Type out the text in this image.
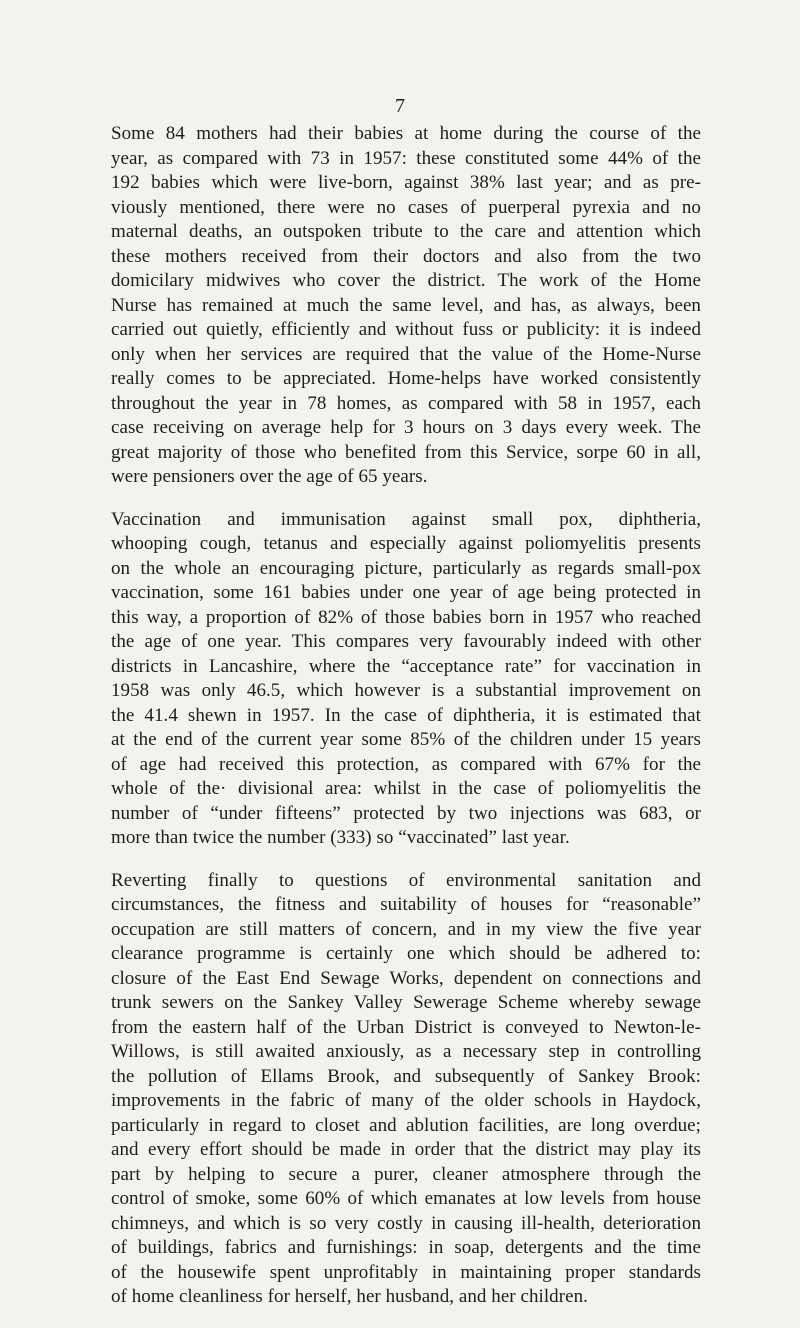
7

Some 84 mothers had their babies at home during the course of the
year, as compared with 73 in 1957: these constituted some 44% of the
192 babies which were live-born, against 38% last year; and as pre-
viously mentioned, there were no cases of puerperal pyrexia and no
maternal deaths, an outspoken tribute to the care and attention which
these mothers received from their doctors and also from the two
domicilary midwives who cover the district. The work of the Home
Nurse has remained at much the same level, and has, as always, been
carried out quietly, efficiently and without fuss or publicity: it is indeed
only when her services are required that the value of the Home-Nurse
really comes to be appreciated. Home-helps have worked consistently
throughout the year in 78 homes, as compared with 58 in 1957, each
case receiving on average help for 3 hours on 3 days every week. The
great majority of those who benefited from this Service, sorpe 60 in all,
were pensioners over the age of 65 years.

Vaccination and immunisation against small pox, diphtheria,
whooping cough, tetanus and especially against poliomyelitis presents
on the whole an encouraging picture, particularly as regards small-pox
vaccination, some 161 babies under one year of age being protected in
this way, a proportion of 82% of those babies born in 1957 who reached
the age of one year. This compares very favourably indeed with other
districts in Lancashire, where the “acceptance rate” for vaccination in
1958 was only 46.5, which however is a substantial improvement on
the 41.4 shewn in 1957. In the case of diphtheria, it is estimated that
at the end of the current year some 85% of the children under 15 years
of age had received this protection, as compared with 67% for the
whole of the· divisional area: whilst in the case of poliomyelitis the
number of “under fifteens” protected by two injections was 683, or
more than twice the number (333) so “vaccinated” last year.

Reverting finally to questions of environmental sanitation and
circumstances, the fitness and suitability of houses for “reasonable”
occupation are still matters of concern, and in my view the five year
clearance programme is certainly one which should be adhered to:
closure of the East End Sewage Works, dependent on connections and
trunk sewers on the Sankey Valley Sewerage Scheme whereby sewage
from the eastern half of the Urban District is conveyed to Newton-le-
Willows, is still awaited anxiously, as a necessary step in controlling
the pollution of Ellams Brook, and subsequently of Sankey Brook:
improvements in the fabric of many of the older schools in Haydock,
particularly in regard to closet and ablution facilities, are long overdue;
and every effort should be made in order that the district may play its
part by helping to secure a purer, cleaner atmosphere through the
control of smoke, some 60% of which emanates at low levels from house
chimneys, and which is so very costly in causing ill-health, deterioration
of buildings, fabrics and furnishings: in soap, detergents and the time
of the housewife spent unprofitably in maintaining proper standards
of home cleanliness for herself, her husband, and her children.
